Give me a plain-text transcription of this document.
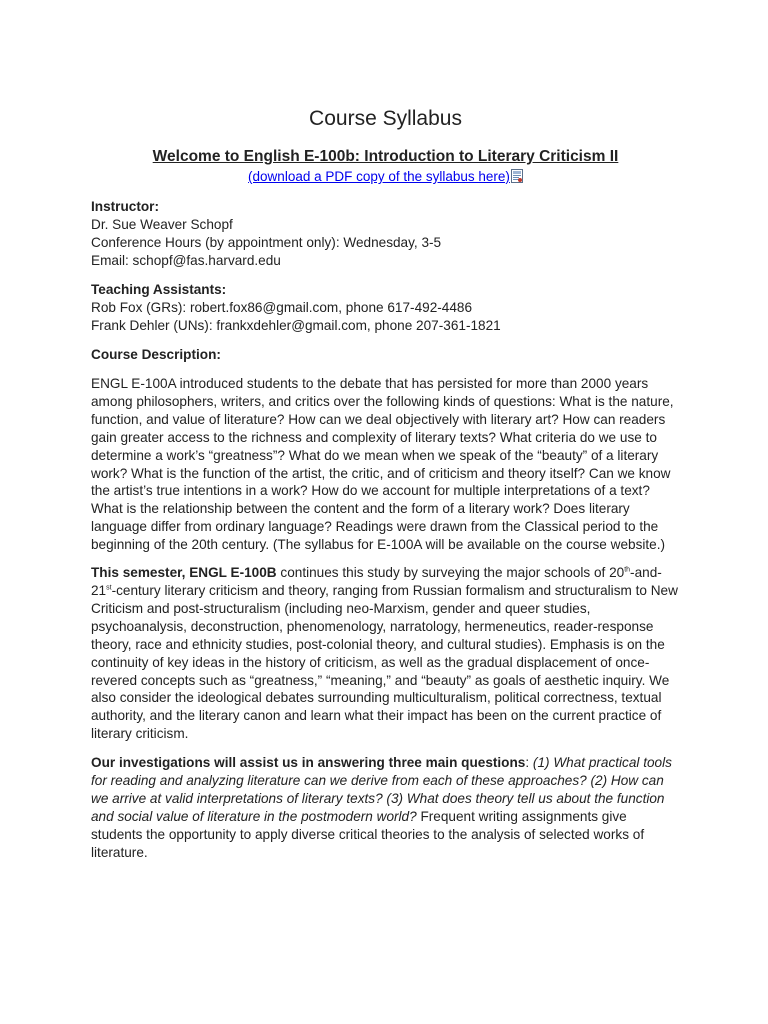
Course Syllabus
Welcome to English E-100b: Introduction to Literary Criticism II
(download a PDF copy of the syllabus here)
Instructor:
Dr. Sue Weaver Schopf
Conference Hours (by appointment only): Wednesday, 3-5
Email: schopf@fas.harvard.edu
Teaching Assistants:
Rob Fox (GRs): robert.fox86@gmail.com, phone 617-492-4486
Frank Dehler (UNs): frankxdehler@gmail.com, phone 207-361-1821
Course Description:

ENGL E-100A introduced students to the debate that has persisted for more than 2000 years among philosophers, writers, and critics over the following kinds of questions: What is the nature, function, and value of literature? How can we deal objectively with literary art? How can readers gain greater access to the richness and complexity of literary texts? What criteria do we use to determine a work’s “greatness”? What do we mean when we speak of the “beauty” of a literary work? What is the function of the artist, the critic, and of criticism and theory itself? Can we know the artist’s true intentions in a work? How do we account for multiple interpretations of a text? What is the relationship between the content and the form of a literary work? Does literary language differ from ordinary language? Readings were drawn from the Classical period to the beginning of the 20th century. (The syllabus for E-100A will be available on the course website.)

This semester, ENGL E-100B continues this study by surveying the major schools of 20th-and-21st-century literary criticism and theory, ranging from Russian formalism and structuralism to New Criticism and post-structuralism (including neo-Marxism, gender and queer studies, psychoanalysis, deconstruction, phenomenology, narratology, hermeneutics, reader-response theory, race and ethnicity studies, post-colonial theory, and cultural studies). Emphasis is on the continuity of key ideas in the history of criticism, as well as the gradual displacement of once-revered concepts such as “greatness,” “meaning,” and “beauty” as goals of aesthetic inquiry. We also consider the ideological debates surrounding multiculturalism, political correctness, textual authority, and the literary canon and learn what their impact has been on the current practice of literary criticism.

Our investigations will assist us in answering three main questions: (1) What practical tools for reading and analyzing literature can we derive from each of these approaches? (2) How can we arrive at valid interpretations of literary texts? (3) What does theory tell us about the function and social value of literature in the postmodern world? Frequent writing assignments give students the opportunity to apply diverse critical theories to the analysis of selected works of literature.
